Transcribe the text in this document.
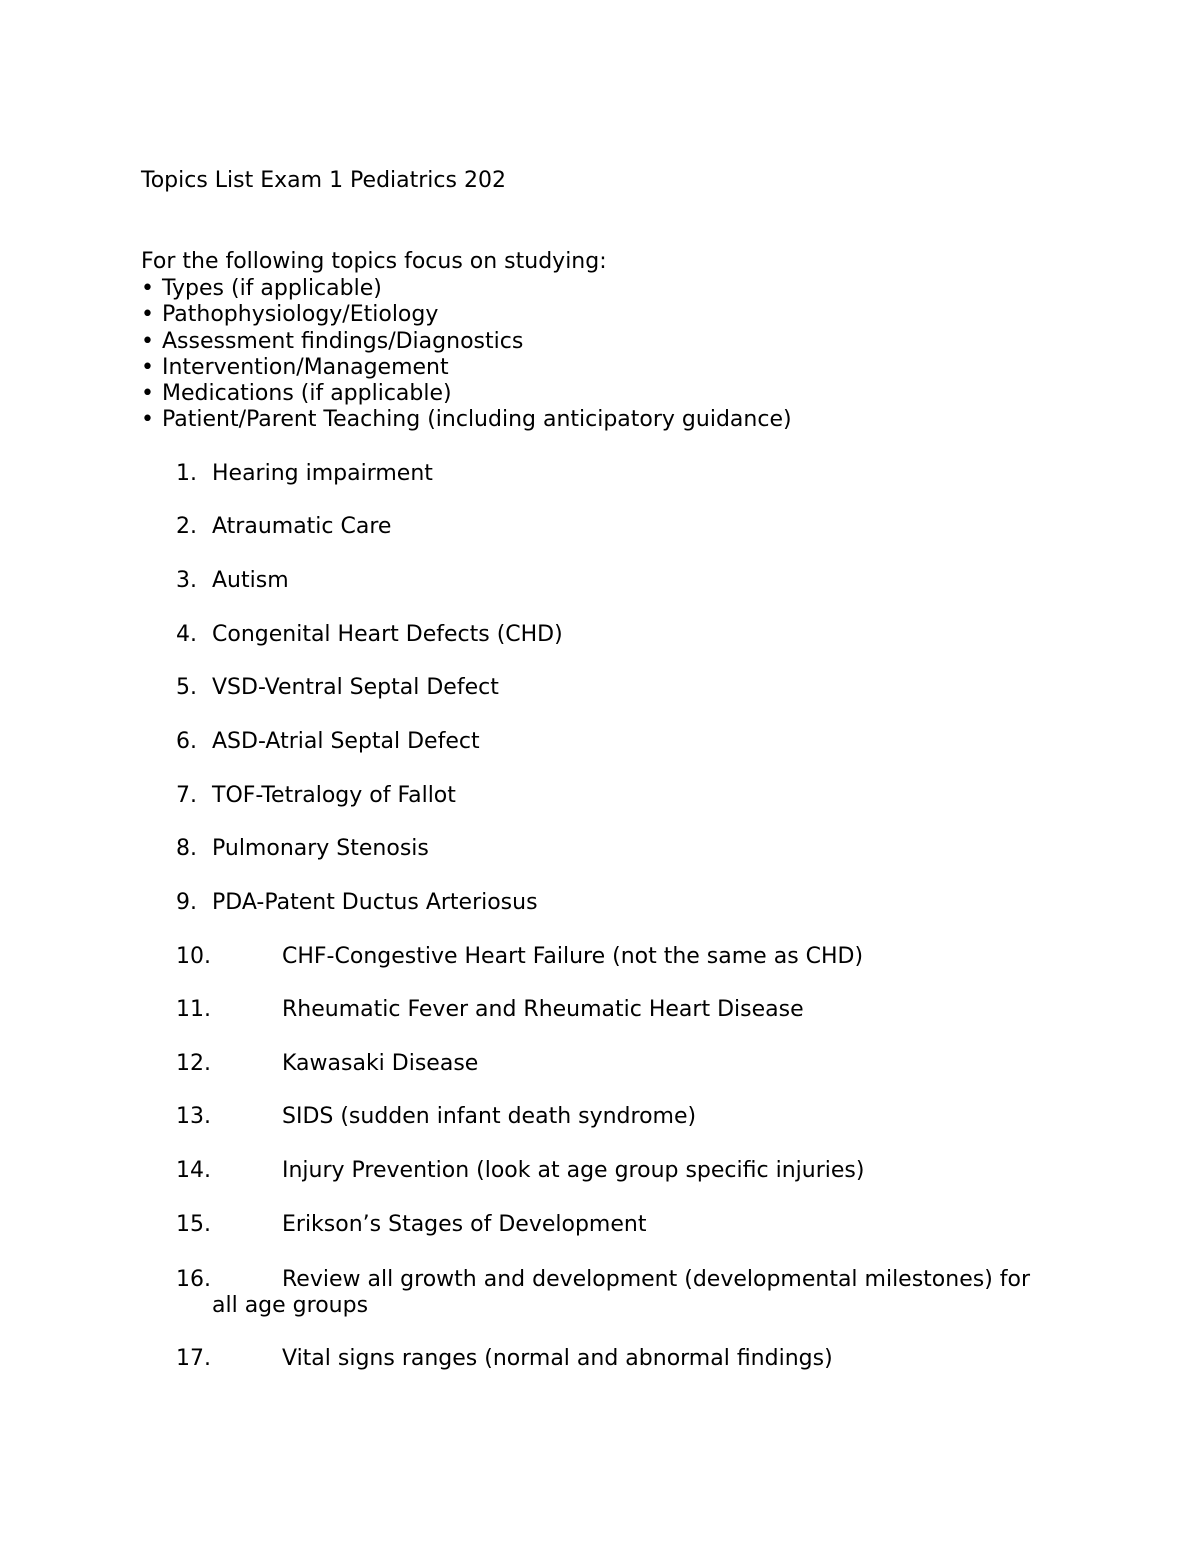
Topics List Exam 1 Pediatrics 202
For the following topics focus on studying:
• Types (if applicable)
• Pathophysiology/Etiology
• Assessment findings/Diagnostics
• Intervention/Management
• Medications (if applicable)
• Patient/Parent Teaching (including anticipatory guidance)
1. Hearing impairment
2. Atraumatic Care
3. Autism
4. Congenital Heart Defects (CHD)
5. VSD-Ventral Septal Defect
6. ASD-Atrial Septal Defect
7. TOF-Tetralogy of Fallot
8. Pulmonary Stenosis
9. PDA-Patent Ductus Arteriosus
10.	CHF-Congestive Heart Failure (not the same as CHD)
11.	Rheumatic Fever and Rheumatic Heart Disease
12.	Kawasaki Disease
13.	SIDS (sudden infant death syndrome)
14.	Injury Prevention (look at age group specific injuries)
15.	Erikson’s Stages of Development
16.	Review all growth and development (developmental milestones) for
all age groups
17.	Vital signs ranges (normal and abnormal findings)
